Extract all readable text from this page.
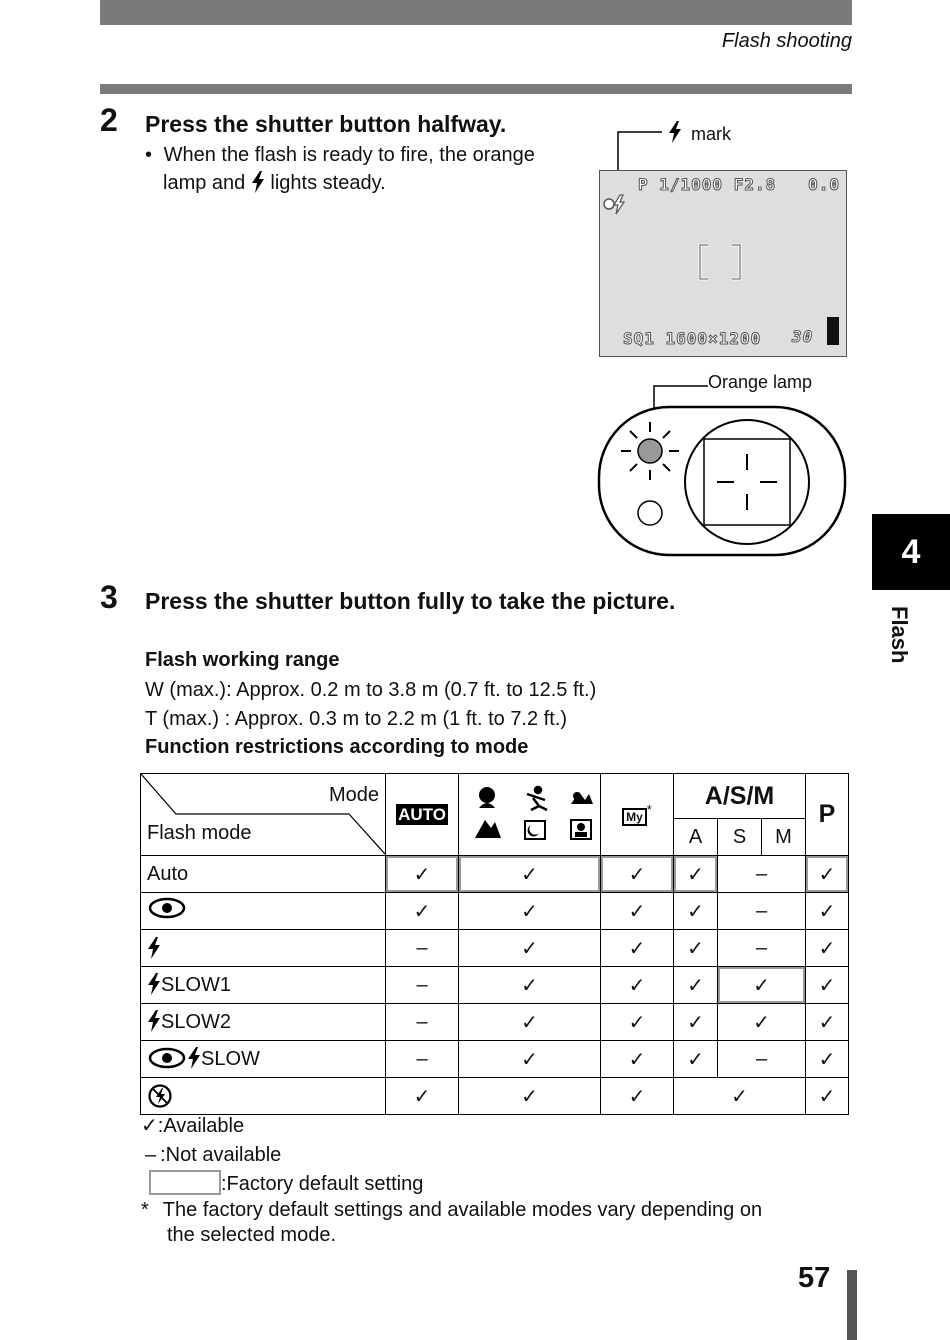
Flash shooting
2 Press the shutter button halfway.
• When the flash is ready to fire, the orange
lamp and lights steady.
mark
P 1/1000 F2.8   0.0
SQ1 1600×1200 30
Orange lamp
3 Press the shutter button fully to take the picture.
Flash working range
W (max.): Approx. 0.2 m to 3.8 m (0.7 ft. to 12.5 ft.)
T (max.) : Approx. 0.3 m to 2.2 m (1 ft. to 7.2 ft.)
Function restrictions according to mode
Mode
Flash mode	AUTO		My*	A/S/M			P
				A	S	M	
Auto	✓	✓	✓	✓	–		✓
	✓	✓	✓	✓	–		✓
	–	✓	✓	✓	–		✓
SLOW1	–	✓	✓	✓	✓		✓
SLOW2	–	✓	✓	✓	✓		✓
SLOW	–	✓	✓	✓	–		✓
	✓	✓	✓	✓			✓
✓ :Available
– :Not available
:Factory default setting
* The factory default settings and available modes vary depending on
the selected mode.
4
Flash
57
